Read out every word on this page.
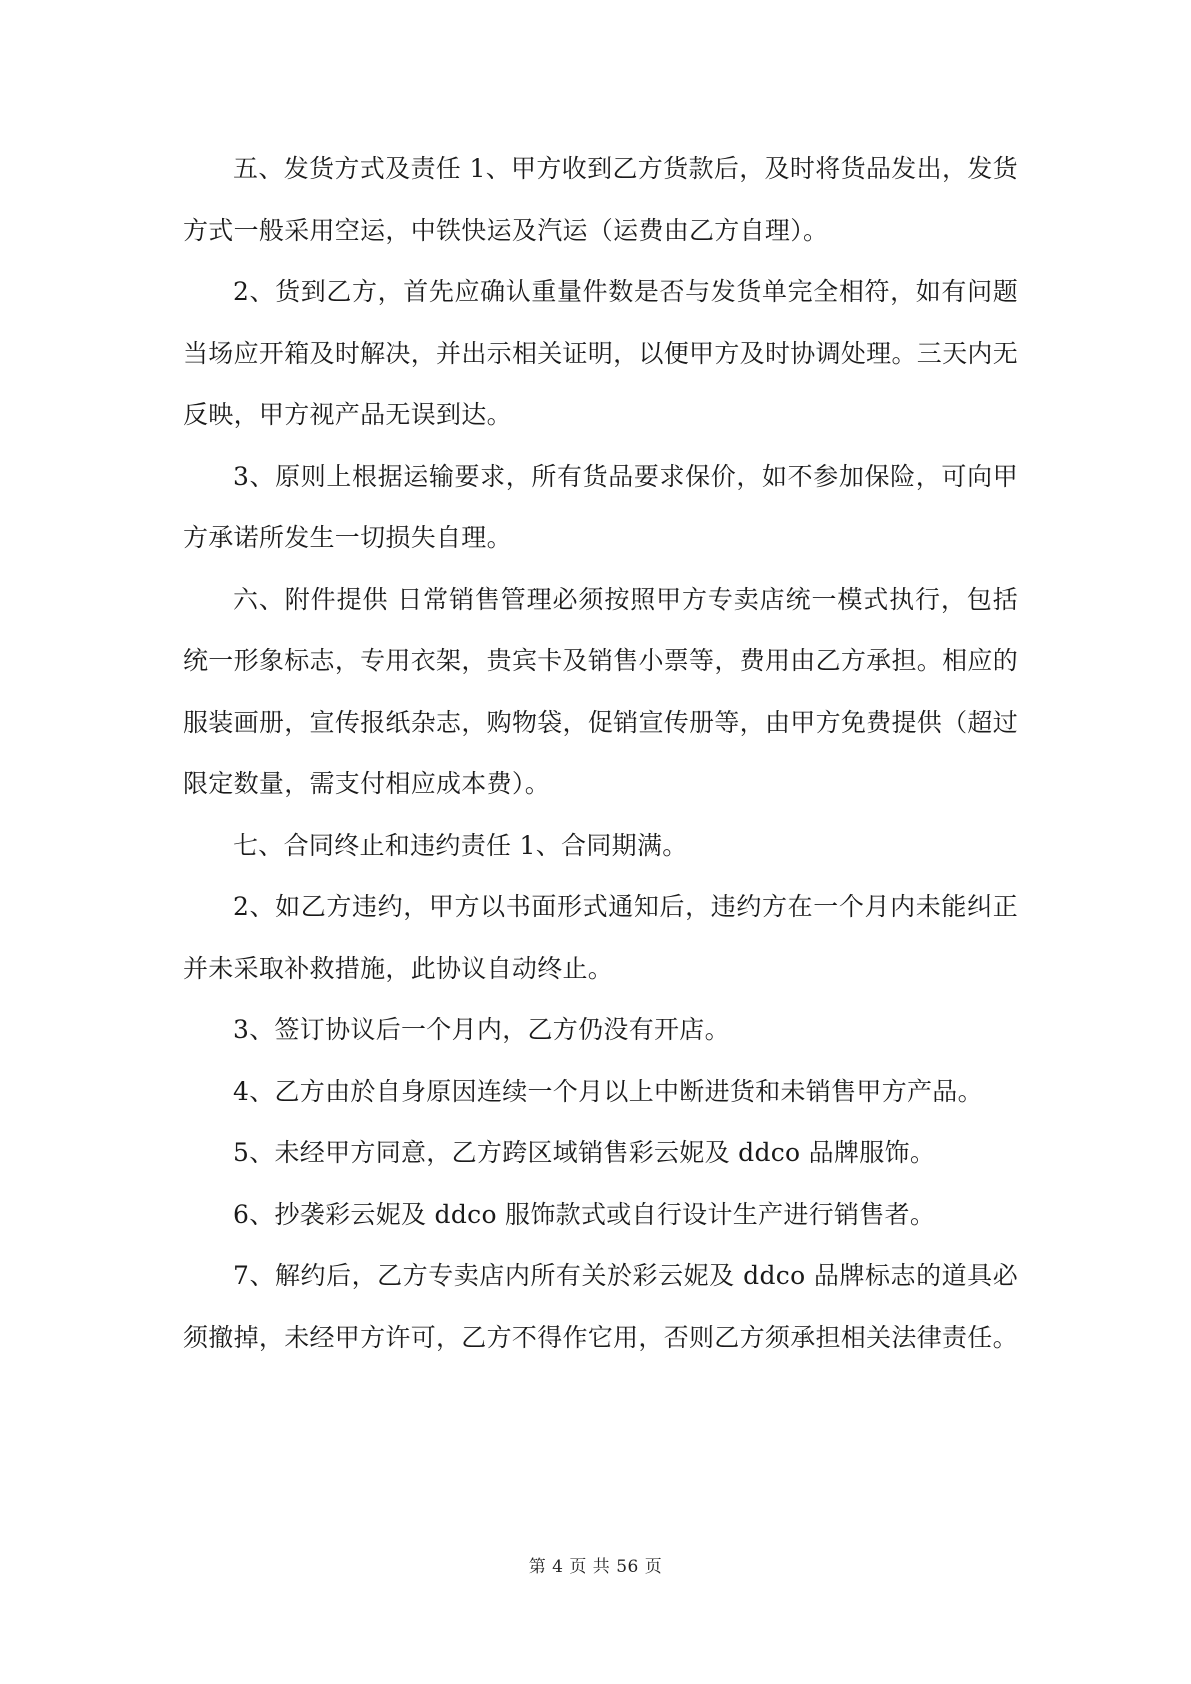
五、发货方式及责任 1、甲方收到乙方货款后，及时将货品发出，发货方式一般采用空运，中铁快运及汽运（运费由乙方自理）。

2、货到乙方，首先应确认重量件数是否与发货单完全相符，如有问题当场应开箱及时解决，并出示相关证明，以便甲方及时协调处理。三天内无反映，甲方视产品无误到达。

3、原则上根据运输要求，所有货品要求保价，如不参加保险，可向甲方承诺所发生一切损失自理。

六、附件提供 日常销售管理必须按照甲方专卖店统一模式执行，包括统一形象标志，专用衣架，贵宾卡及销售小票等，费用由乙方承担。相应的服装画册，宣传报纸杂志，购物袋，促销宣传册等，由甲方免费提供（超过限定数量，需支付相应成本费）。

七、合同终止和违约责任 1、合同期满。

2、如乙方违约，甲方以书面形式通知后，违约方在一个月内未能纠正并未采取补救措施，此协议自动终止。

3、签订协议后一个月内，乙方仍没有开店。

4、乙方由於自身原因连续一个月以上中断进货和未销售甲方产品。

5、未经甲方同意，乙方跨区域销售彩云妮及 ddco 品牌服饰。

6、抄袭彩云妮及 ddco 服饰款式或自行设计生产进行销售者。

7、解约后，乙方专卖店内所有关於彩云妮及 ddco 品牌标志的道具必须撤掉，未经甲方许可，乙方不得作它用，否则乙方须承担相关法律责任。

第 4 页 共 56 页
